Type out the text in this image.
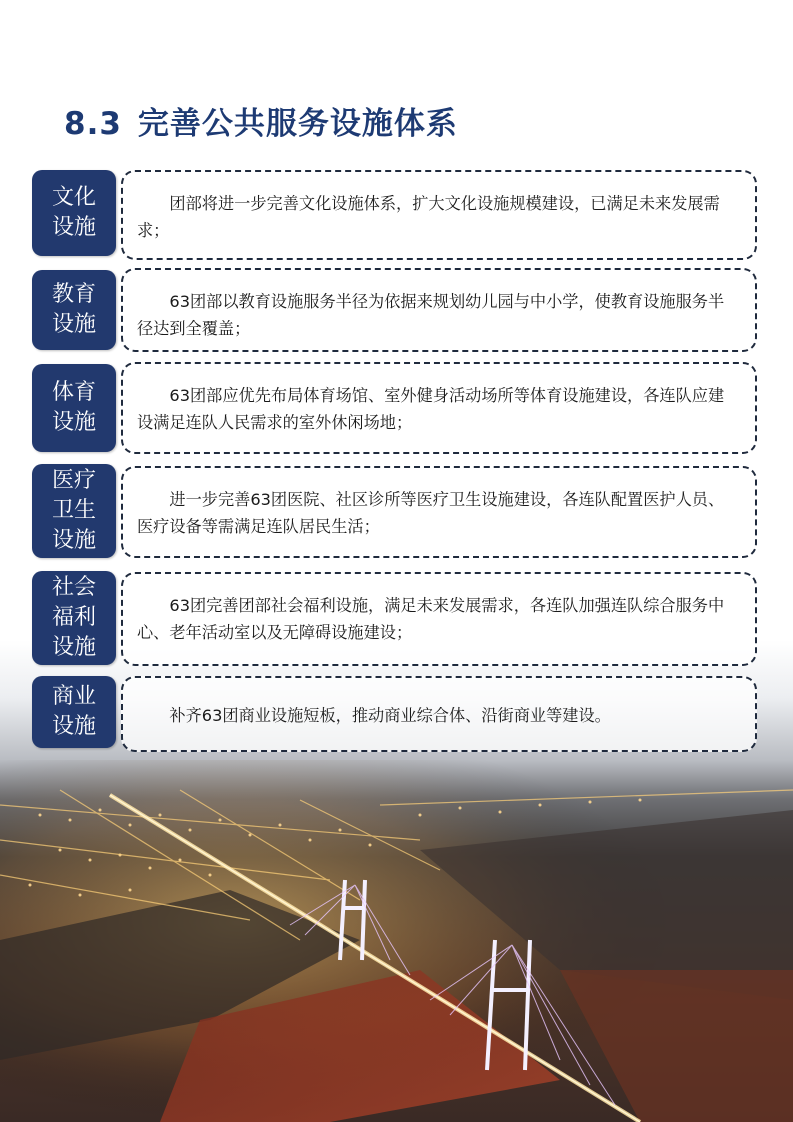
8.3 完善公共服务设施体系
文化设施

团部将进一步完善文化设施体系，扩大文化设施规模建设，已满足未来发展需求；

教育设施

63团部以教育设施服务半径为依据来规划幼儿园与中小学，使教育设施服务半径达到全覆盖；

体育设施

63团部应优先布局体育场馆、室外健身活动场所等体育设施建设，各连队应建设满足连队人民需求的室外休闲场地；

医疗卫生设施

进一步完善63团医院、社区诊所等医疗卫生设施建设，各连队配置医护人员、医疗设备等需满足连队居民生活；

社会福利设施

63团完善团部社会福利设施，满足未来发展需求，各连队加强连队综合服务中心、老年活动室以及无障碍设施建设；

商业设施	补齐63团商业设施短板，推动商业综合体、沿街商业等建设。
